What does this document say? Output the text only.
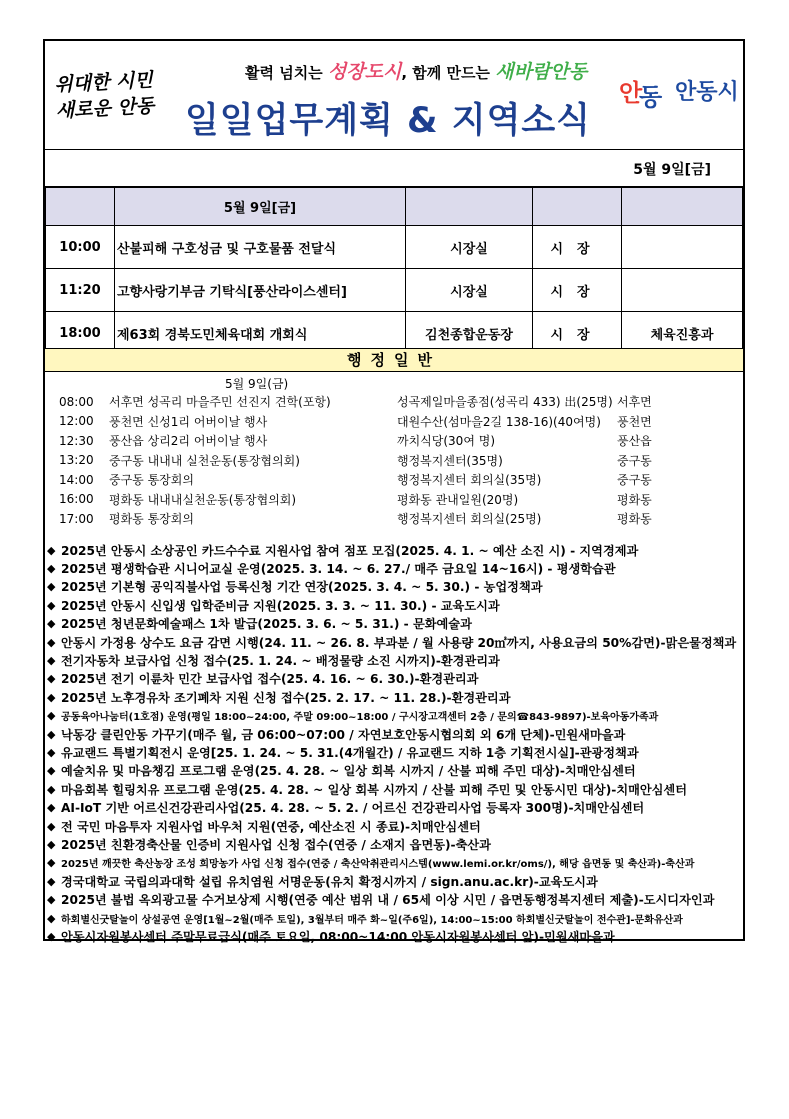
위대한 시민
새로운 안동
활력 넘치는 성장도시, 함께 만드는 새바람안동
일일업무계획 & 지역소식
안
동 안동시
5월 9일[금]
	5월 9일[금]			
10:00	산불피해 구호성금 및 구호물품 전달식	시장실	시장	
11:20	고향사랑기부금 기탁식[풍산라이스센터]	시장실	시장	
18:00	제63회 경북도민체육대회 개회식	김천종합운동장	시장	체육진흥과
행정일반
5월 9일(금)
08:00	서후면 성곡리 마을주민 선진지 견학(포항)	성곡제일마을종점(성곡리 433) 出(25명) 서후면
12:00	풍천면 신성1리 어버이날 행사	대원수산(섬마을2길 138-16)(40여명)	풍천면
12:30	풍산읍 상리2리 어버이날 행사	까치식당(30여 명)	풍산읍
13:20	중구동 내내내 실천운동(통장협의회)	행정복지센터(35명)	중구동
14:00	중구동 통장회의	행정복지센터 회의실(35명)	중구동
16:00	평화동 내내내실천운동(통장협의회)	평화동 관내일원(20명)	평화동
17:00	평화동 통장회의	행정복지센터 회의실(25명)	평화동
◆ 2025년 안동시 소상공인 카드수수료 지원사업 참여 점포 모집(2025. 4. 1. ~ 예산 소진 시) - 지역경제과
◆ 2025년 평생학습관 시니어교실 운영(2025. 3. 14. ~ 6. 27./ 매주 금요일 14~16시) - 평생학습관
◆ 2025년 기본형 공익직불사업 등록신청 기간 연장(2025. 3. 4. ~ 5. 30.) - 농업정책과
◆ 2025년 안동시 신입생 입학준비금 지원(2025. 3. 3. ~ 11. 30.) - 교육도시과
◆ 2025년 청년문화예술패스 1차 발급(2025. 3. 6. ~ 5. 31.) - 문화예술과
◆ 안동시 가정용 상수도 요금 감면 시행(24. 11. ~ 26. 8. 부과분 / 월 사용량 20㎥까지, 사용요금의 50%감면)-맑은물정책과
◆ 전기자동차 보급사업 신청 접수(25. 1. 24. ~ 배정물량 소진 시까지)-환경관리과
◆ 2025년 전기 이륜차 민간 보급사업 접수(25. 4. 16. ~ 6. 30.)-환경관리과
◆ 2025년 노후경유차 조기폐차 지원 신청 접수(25. 2. 17. ~ 11. 28.)-환경관리과
◆ 공동육아나눔터(1호점) 운영(평일 18:00~24:00, 주말 09:00~18:00 / 구시장고객센터 2층 / 문의☎843-9897)-보육아동가족과
◆ 낙동강 클린안동 가꾸기(매주 월, 금 06:00~07:00 / 자연보호안동시협의회 외 6개 단체)-민원새마을과
◆ 유교랜드 특별기획전시 운영[25. 1. 24. ~ 5. 31.(4개월간) / 유교랜드 지하 1층 기획전시실]-관광정책과
◆ 예술치유 및 마음챙김 프로그램 운영(25. 4. 28. ~ 일상 회복 시까지 / 산불 피해 주민 대상)-치매안심센터
◆ 마음회복 힐링치유 프로그램 운영(25. 4. 28. ~ 일상 회복 시까지 / 산불 피해 주민 및 안동시민 대상)-치매안심센터
◆ AI-IoT 기반 어르신건강관리사업(25. 4. 28. ~ 5. 2. / 어르신 건강관리사업 등록자 300명)-치매안심센터
◆ 전 국민 마음투자 지원사업 바우처 지원(연중, 예산소진 시 종료)-치매안심센터
◆ 2025년 친환경축산물 인증비 지원사업 신청 접수(연중 / 소재지 읍면동)-축산과
◆ 2025년 깨끗한 축산농장 조성 희망농가 사업 신청 접수(연중 / 축산악취관리시스템(www.lemi.or.kr/oms/), 해당 읍면동 및 축산과)-축산과
◆ 경국대학교 국립의과대학 설립 유치염원 서명운동(유치 확정시까지 / sign.anu.ac.kr)-교육도시과
◆ 2025년 불법 옥외광고물 수거보상제 시행(연중 예산 범위 내 / 65세 이상 시민 / 읍면동행정복지센터 제출)-도시디자인과
◆ 하회별신굿탈놀이 상설공연 운영[1월~2월(매주 토일), 3월부터 매주 화~일(주6일), 14:00~15:00 하회별신굿탈놀이 전수관]-문화유산과
◆ 안동시자원봉사센터 주말무료급식(매주 토요일, 08:00~14:00 안동시자원봉사센터 앞)-민원새마을과
